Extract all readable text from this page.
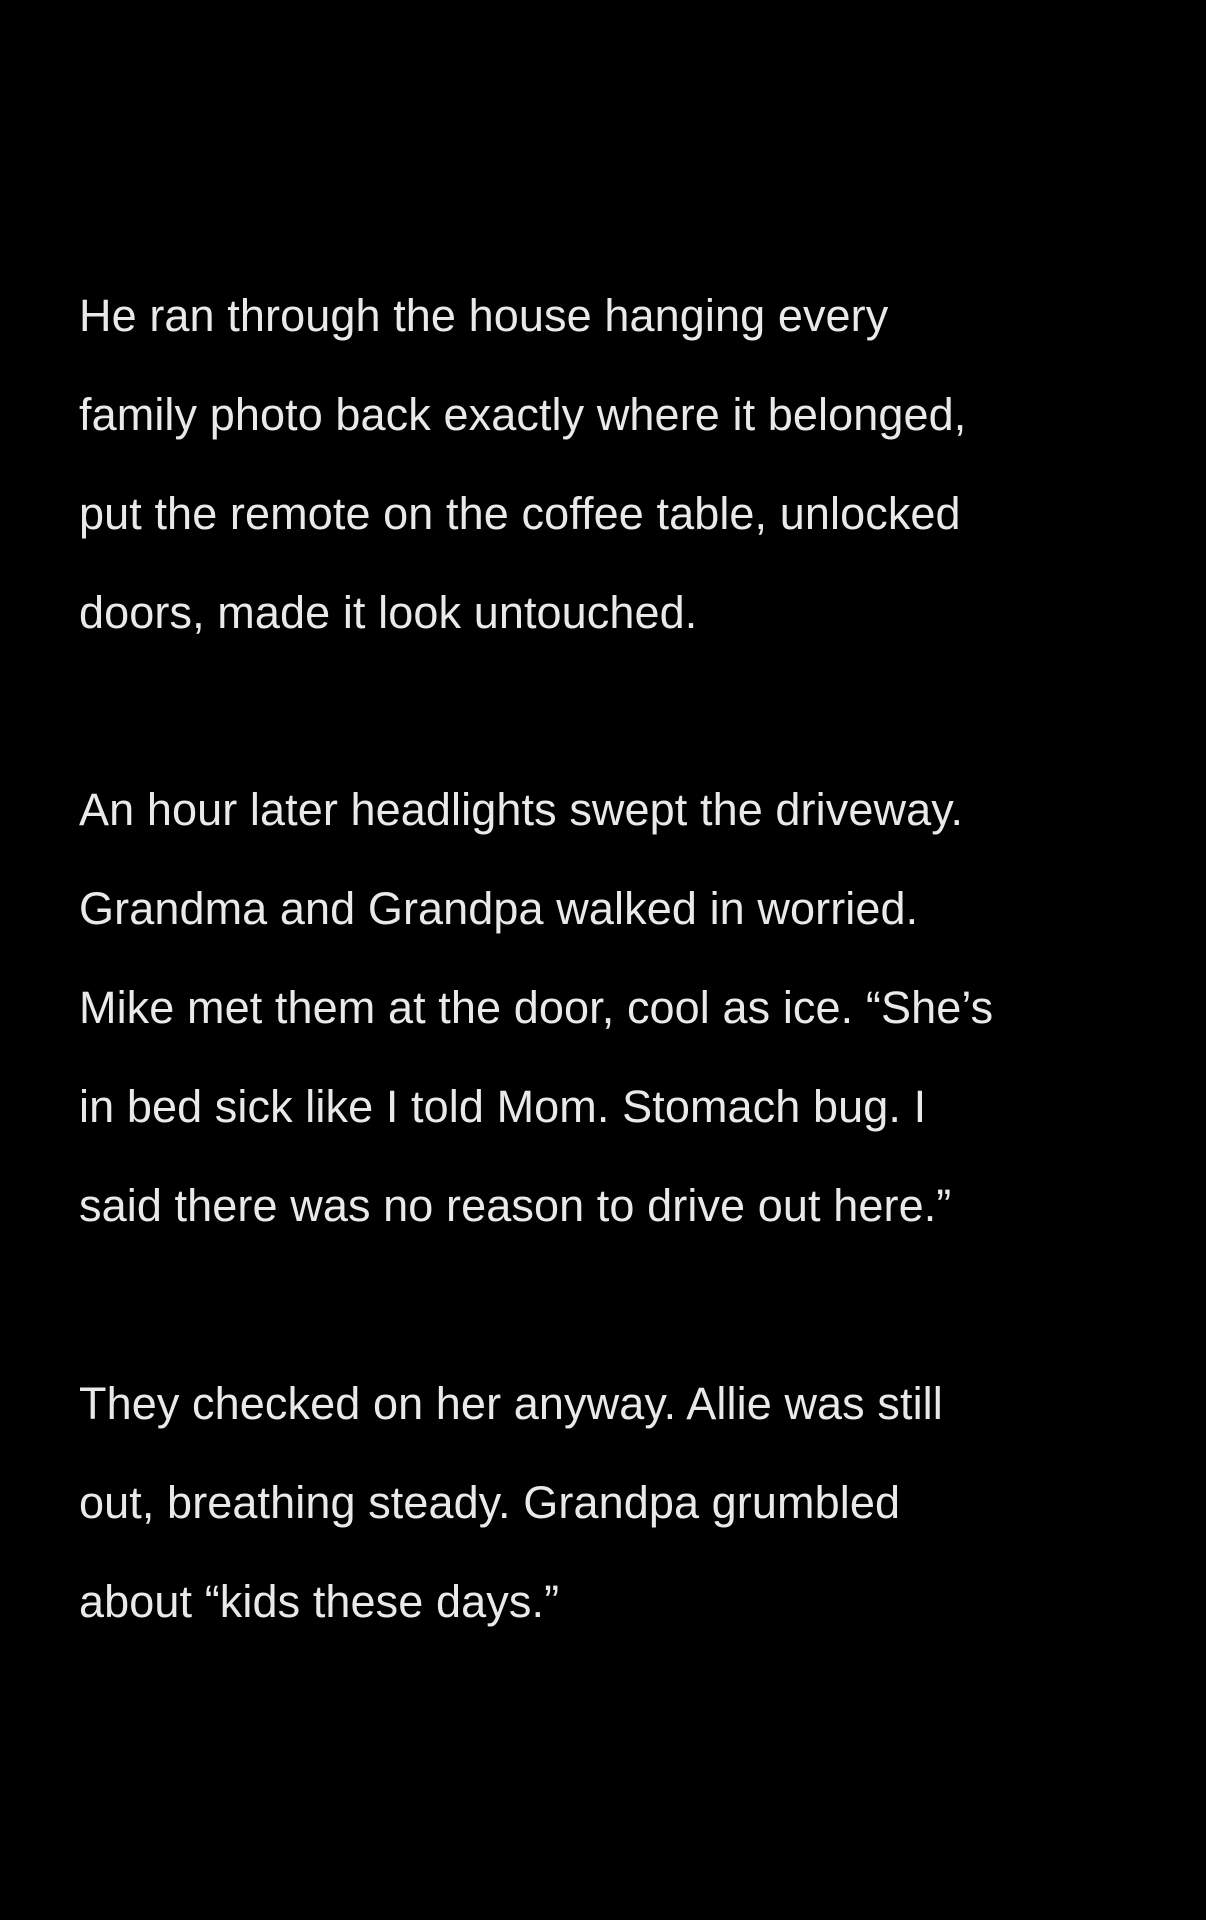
He ran through the house hanging every
family photo back exactly where it belonged,
put the remote on the coffee table, unlocked
doors, made it look untouched.
An hour later headlights swept the driveway.
Grandma and Grandpa walked in worried.
Mike met them at the door, cool as ice. “She’s
in bed sick like I told Mom. Stomach bug. I
said there was no reason to drive out here.”
They checked on her anyway. Allie was still
out, breathing steady. Grandpa grumbled
about “kids these days.”
